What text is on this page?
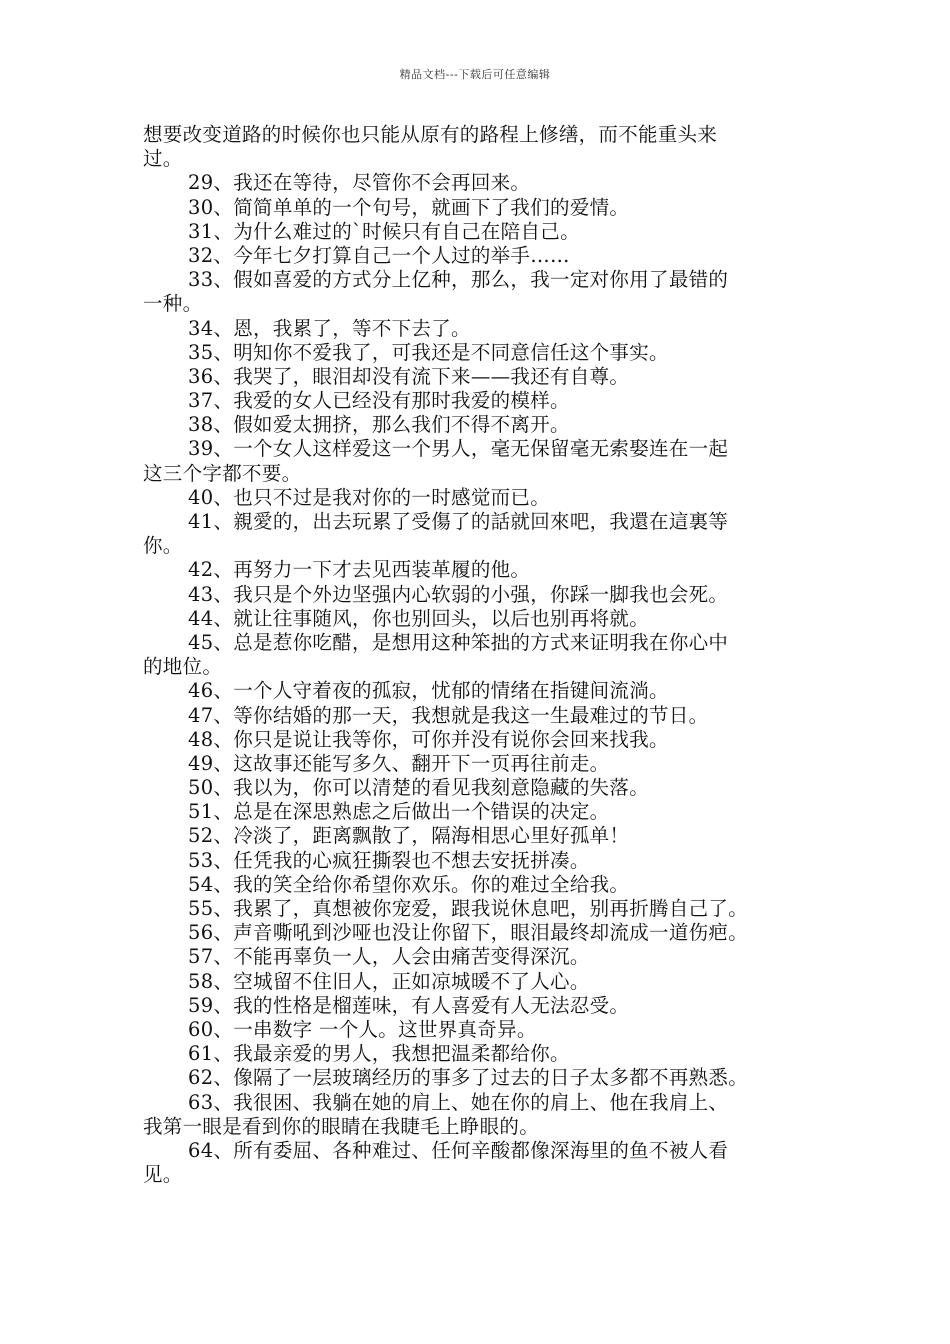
精品文档---下载后可任意编辑
想要改变道路的时候你也只能从原有的路程上修缮，而不能重头来
过。
29、我还在等待，尽管你不会再回来。
30、简简单单的一个句号，就画下了我们的爱情。
31、为什么难过的`时候只有自己在陪自己。
32、今年七夕打算自己一个人过的举手……
33、假如喜爱的方式分上亿种，那么，我一定对你用了最错的
一种。
34、恩，我累了，等不下去了。
35、明知你不爱我了，可我还是不同意信任这个事实。
36、我哭了，眼泪却没有流下来——我还有自尊。
37、我爱的女人已经没有那时我爱的模样。
38、假如爱太拥挤，那么我们不得不离开。
39、一个女人这样爱这一个男人，毫无保留毫无索娶连在一起
这三个字都不要。
40、也只不过是我对你的一时感觉而已。
41、親愛的，出去玩累了受傷了的話就回來吧，我還在這裏等
你。
42、再努力一下才去见西装革履的他。
43、我只是个外边坚强内心软弱的小强，你踩一脚我也会死。
44、就让往事随风，你也别回头，以后也别再将就。
45、总是惹你吃醋，是想用这种笨拙的方式来证明我在你心中
的地位。
46、一个人守着夜的孤寂，忧郁的情绪在指键间流淌。
47、等你结婚的那一天，我想就是我这一生最难过的节日。
48、你只是说让我等你，可你并没有说你会回来找我。
49、这故事还能写多久、翻开下一页再往前走。
50、我以为，你可以清楚的看见我刻意隐藏的失落。
51、总是在深思熟虑之后做出一个错误的决定。
52、冷淡了，距离飘散了，隔海相思心里好孤单！
53、任凭我的心疯狂撕裂也不想去安抚拼凑。
54、我的笑全给你希望你欢乐。你的难过全给我。
55、我累了，真想被你宠爱，跟我说休息吧，别再折腾自己了。
56、声音嘶吼到沙哑也没让你留下，眼泪最终却流成一道伤疤。
57、不能再辜负一人，人会由痛苦变得深沉。
58、空城留不住旧人，正如凉城暖不了人心。
59、我的性格是榴莲味，有人喜爱有人无法忍受。
60、一串数字 一个人。这世界真奇异。
61、我最亲爱的男人，我想把温柔都给你。
62、像隔了一层玻璃经历的事多了过去的日子太多都不再熟悉。
63、我很困、我躺在她的肩上、她在你的肩上、他在我肩上、
我第一眼是看到你的眼睛在我睫毛上睁眼的。
64、所有委屈、各种难过、任何辛酸都像深海里的鱼不被人看
见。
